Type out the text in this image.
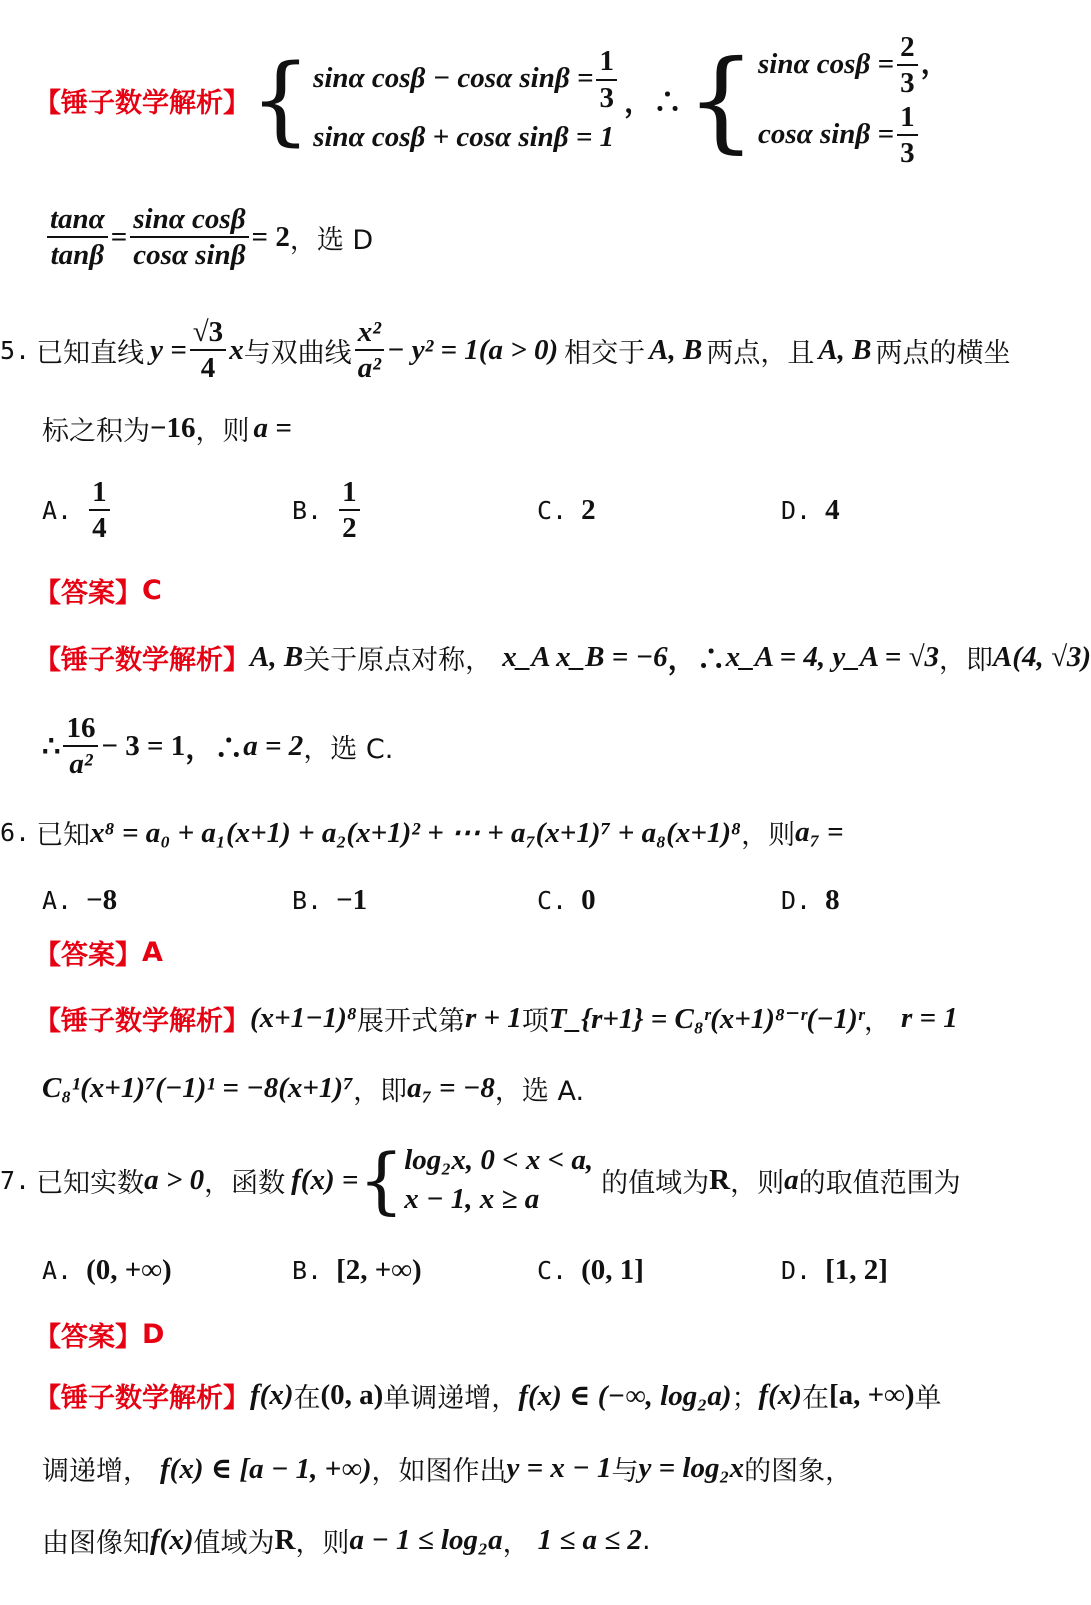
【锤子数学解析】 { sinα cosβ − cosα $\sin\beta = \frac{1}{3}$
sinα cosβ + cosα sinβ = 1
，∴ { sinα $\cos\beta = \frac{2}{3}$ ，
cosα $\sin\beta = \frac{1}{3}$
$\frac{\tan\alpha}{\tan\beta} = \frac{\text{sinα cosβ}}{\text{cosα sinβ}} = 2$ ，选 D
5. 已知直线 $y = \frac{√3}{4}$ x 与双曲线 $\frac{\text{x²}}{\text{a²}} - y^2 = 1(a > 0)$ 相交于 A, B 两点，且 A, B 两点的横坐
标之积为 −16 ，则 a =
A. $\frac{1}{4}$	B. $\frac{1}{2}$	C. 2	D. 4
【答案】 C
【锤子数学解析】 A, B 关于原点对称， x_A x_B = −6 ，∴ x_A = 4, y_A = √3 ，即 A(4, √3)
∴ $\frac{16}{\text{a²}} - 3 = 1$ ，∴ a = 2 ，选 C.
6. 已知 x⁸ = a₀ + a₁(x+1) + a₂(x+1)² + ⋯ + a₇(x+1)⁷ + a₈(x+1)⁸ ，则 a₇ =
A. −8	B. −1	C. 0	D. 8
【答案】 A
【锤子数学解析】 (x+1−1)⁸ 展开式第 r + 1 项 T_{r+1} = C₈ʳ(x+1)⁸⁻ʳ(−1)ʳ ， r = 1
C₈¹(x+1)⁷(−1)¹ = −8(x+1)⁷ ，即 a₇ = −8 ，选 A.
7. 已知实数 a > 0 ，函数 f(x) = { log₂x, 0 < x < a,
x − 1, x ≥ a	的值域为 R ，则 a 的取值范围为
A. (0, +∞)	B. [2, +∞)	C. (0, 1]	D. [1, 2]
【答案】 D
【锤子数学解析】 f(x) 在 (0, a) 单调递增， f(x) ∈ (−∞, log₂a) ； f(x) 在 [a, +∞) 单
调递增， f(x) ∈ [a − 1, +∞) ，如图作出 y = x − 1 与 y = log₂x 的图象，
由图像知 f(x) 值域为 R ，则 a − 1 ≤ log₂a ， 1 ≤ a ≤ 2 .
